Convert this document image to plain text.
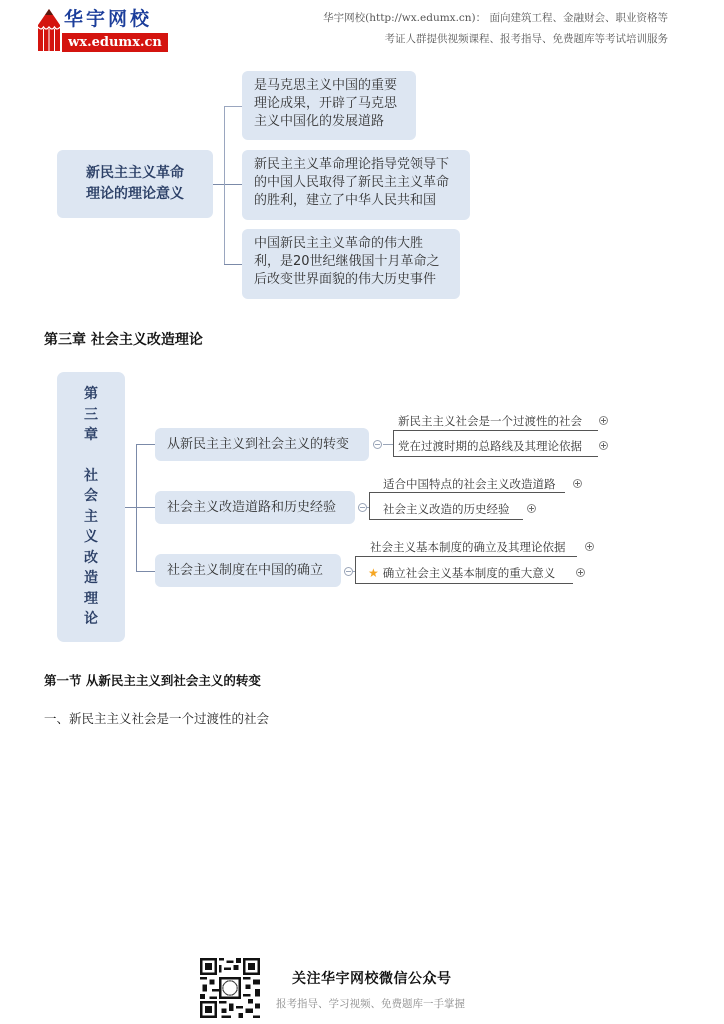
华宇网校
wx.edumx.cn
华宇网校(http://wx.edumx.cn)： 面向建筑工程、金融财会、职业资格等
考证人群提供视频课程、报考指导、免费题库等考试培训服务
新民主主义革命
理论的理论意义
是马克思主义中国的重要
理论成果，开辟了马克思
主义中国化的发展道路
新民主主义革命理论指导党领导下
的中国人民取得了新民主主义革命
的胜利，建立了中华人民共和国
中国新民主主义革命的伟大胜
利，是20世纪继俄国十月革命之
后改变世界面貌的伟大历史事件
第三章 社会主义改造理论
第
三
章
社
会
主
义
改
造
理
论
从新民主主义到社会主义的转变
新民主主义社会是一个过渡性的社会
党在过渡时期的总路线及其理论依据
社会主义改造道路和历史经验
适合中国特点的社会主义改造道路
社会主义改造的历史经验
社会主义制度在中国的确立
社会主义基本制度的确立及其理论依据
★ 确立社会主义基本制度的重大意义
第一节 从新民主主义到社会主义的转变
一、新民主主义社会是一个过渡性的社会
关注华宇网校微信公众号
报考指导、学习视频、免费题库一手掌握
